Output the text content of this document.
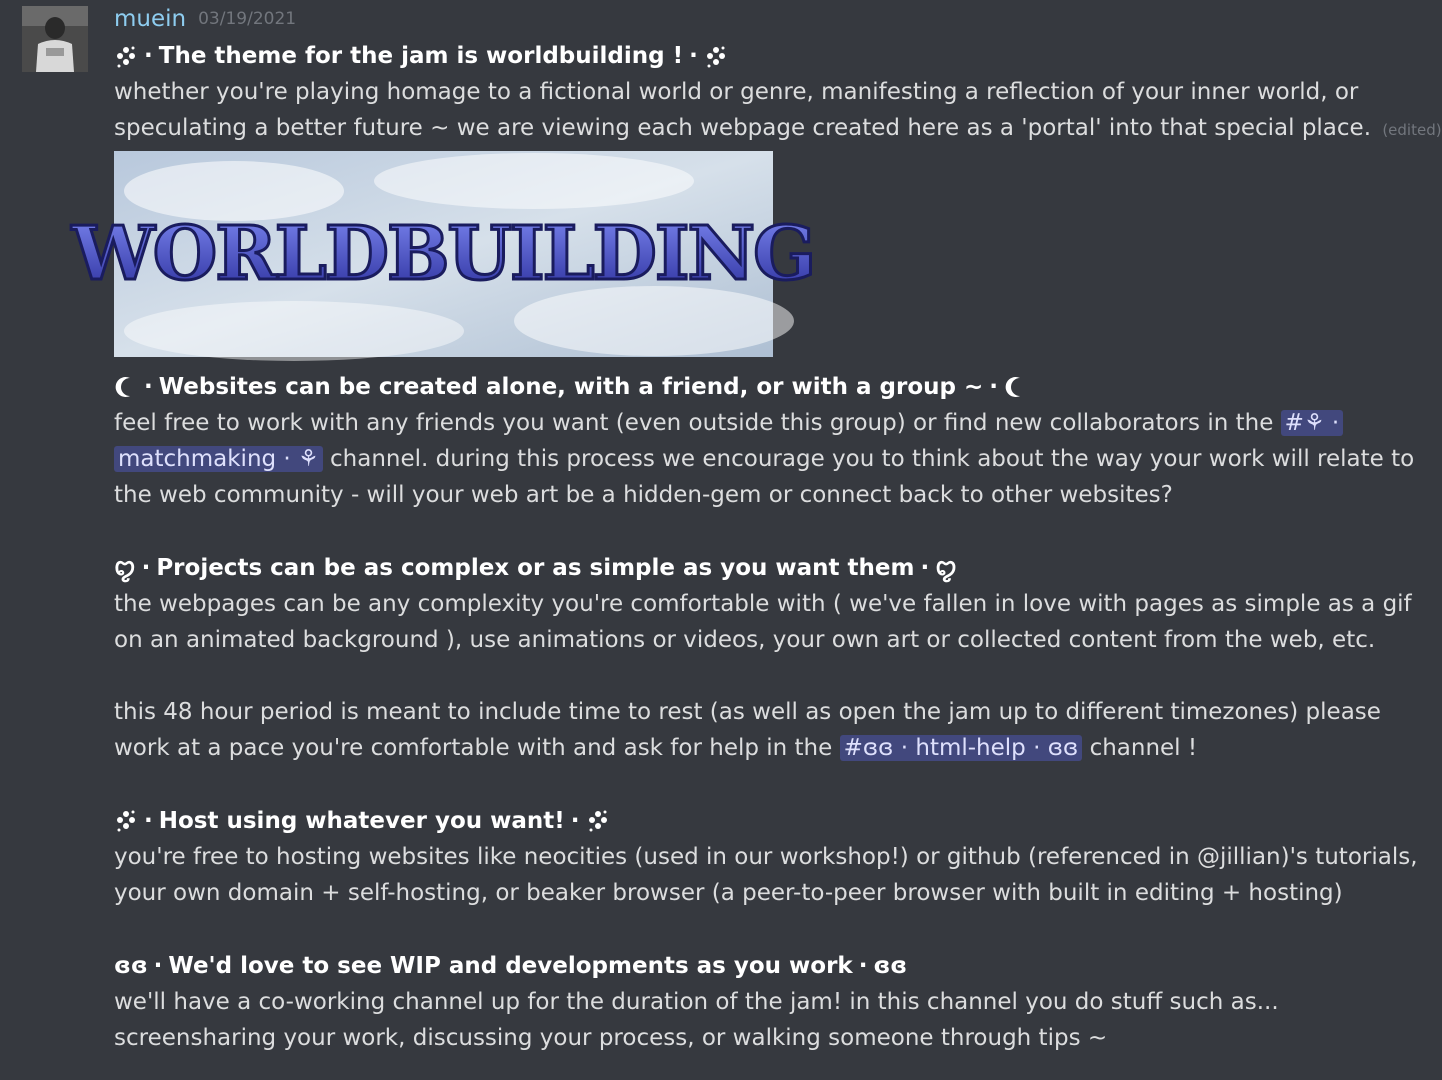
muein 03/19/2021
· The theme for the jam is worldbuilding ! ·
whether you're playing homage to a fictional world or genre, manifesting a reflection of your inner world, or
speculating a better future ~ we are viewing each webpage created here as a 'portal' into that special place. (edited)
WORLDBUILDING
· Websites can be created alone, with a friend, or with a group ~ ·
feel free to work with any friends you want (even outside this group) or find new collaborators in the #⚘ ·
matchmaking · ⚘ channel. during this process we encourage you to think about the way your work will relate to
the web community - will your web art be a hidden-gem or connect back to other websites?
ꨄ · Projects can be as complex or as simple as you want them · ꨄ
the webpages can be any complexity you're comfortable with ( we've fallen in love with pages as simple as a gif
on an animated background ), use animations or videos, your own art or collected content from the web, etc.
this 48 hour period is meant to include time to rest (as well as open the jam up to different timezones) please
work at a pace you're comfortable with and ask for help in the #ɞɞ · html-help · ɞɞ channel !
· Host using whatever you want! ·
you're free to hosting websites like neocities (used in our workshop!) or github (referenced in @jillian)'s tutorials,
your own domain + self-hosting, or beaker browser (a peer-to-peer browser with built in editing + hosting)
ɞɞ · We'd love to see WIP and developments as you work · ɞɞ
we'll have a co-working channel up for the duration of the jam! in this channel you do stuff such as...
screensharing your work, discussing your process, or walking someone through tips ~
